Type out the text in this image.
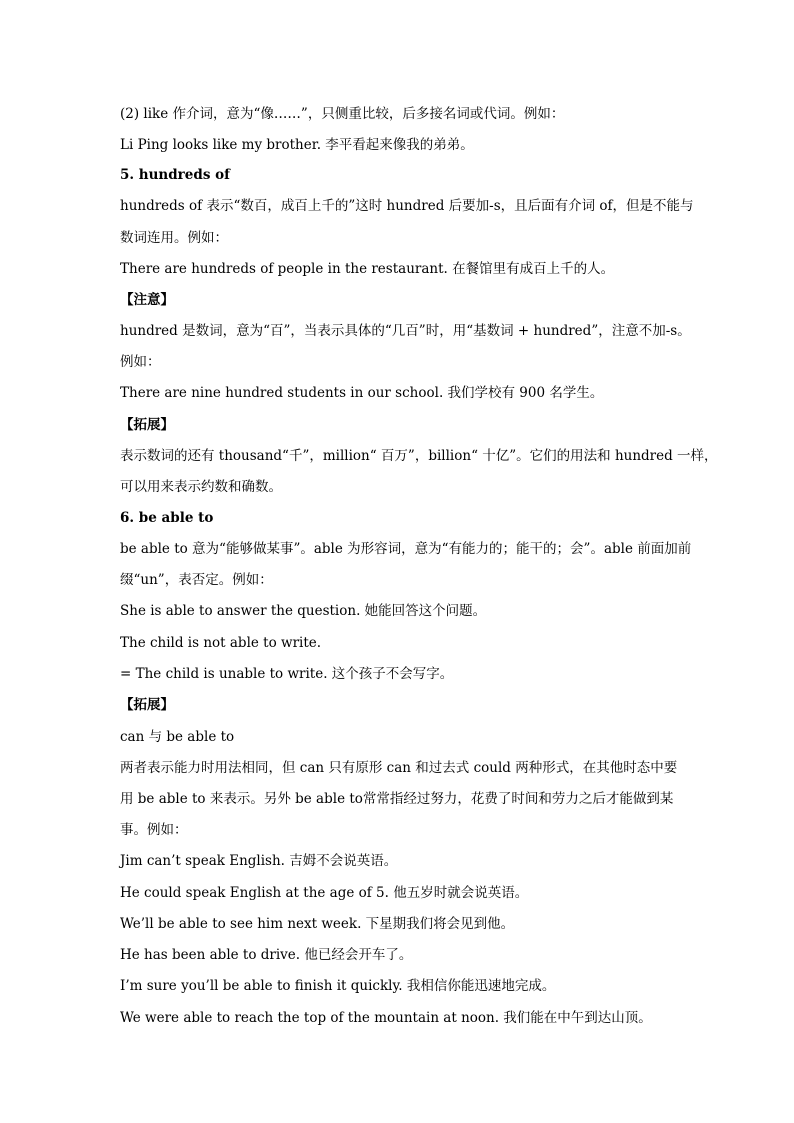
(2) like 作介词，意为“像……”，只侧重比较，后多接名词或代词。例如：
Li Ping looks like my brother. 李平看起来像我的弟弟。
5. hundreds of
hundreds of 表示“数百，成百上千的”这时 hundred 后要加-s，且后面有介词 of，但是不能与
数词连用。例如：
There are hundreds of people in the restaurant. 在餐馆里有成百上千的人。
【注意】
hundred 是数词，意为“百”，当表示具体的“几百”时，用“基数词 + hundred”，注意不加-s。
例如：
There are nine hundred students in our school. 我们学校有 900 名学生。
【拓展】
表示数词的还有 thousand“千”，million“ 百万”，billion“ 十亿”。它们的用法和 hundred 一样，
可以用来表示约数和确数。
6. be able to
be able to 意为“能够做某事”。able 为形容词，意为“有能力的；能干的；会”。able 前面加前
缀“un”，表否定。例如：
She is able to answer the question. 她能回答这个问题。
The child is not able to write.
= The child is unable to write. 这个孩子不会写字。
【拓展】
can 与 be able to
两者表示能力时用法相同，但 can 只有原形 can 和过去式 could 两种形式，在其他时态中要
用 be able to 来表示。另外 be able to常常指经过努力，花费了时间和劳力之后才能做到某
事。例如：
Jim can’t speak English. 吉姆不会说英语。
He could speak English at the age of 5. 他五岁时就会说英语。
We’ll be able to see him next week. 下星期我们将会见到他。
He has been able to drive. 他已经会开车了。
I’m sure you’ll be able to finish it quickly. 我相信你能迅速地完成。
We were able to reach the top of the mountain at noon. 我们能在中午到达山顶。
